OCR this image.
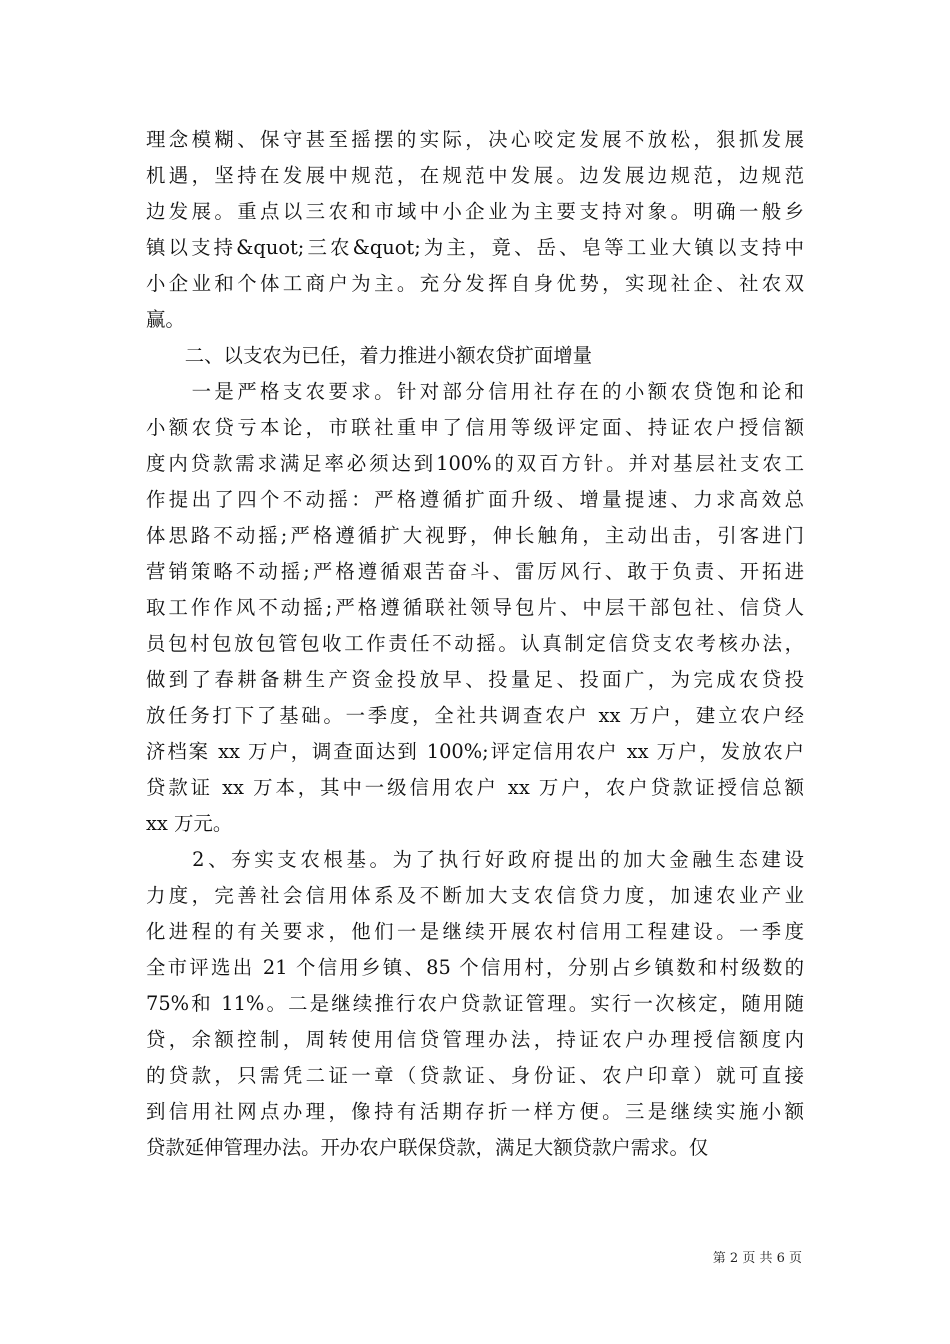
理念模糊、保守甚至摇摆的实际，决心咬定发展不放松，狠抓发展
机遇，坚持在发展中规范，在规范中发展。边发展边规范，边规范
边发展。重点以三农和市域中小企业为主要支持对象。明确一般乡
镇以支持&quot;三农&quot;为主，竟、岳、皂等工业大镇以支持中
小企业和个体工商户为主。充分发挥自身优势，实现社企、社农双
赢。
　　二、以支农为已任，着力推进小额农贷扩面增量
　　一是严格支农要求。针对部分信用社存在的小额农贷饱和论和
小额农贷亏本论，市联社重申了信用等级评定面、持证农户授信额
度内贷款需求满足率必须达到100%的双百方针。并对基层社支农工
作提出了四个不动摇：严格遵循扩面升级、增量提速、力求高效总
体思路不动摇;严格遵循扩大视野，伸长触角，主动出击，引客进门
营销策略不动摇;严格遵循艰苦奋斗、雷厉风行、敢于负责、开拓进
取工作作风不动摇;严格遵循联社领导包片、中层干部包社、信贷人
员包村包放包管包收工作责任不动摇。认真制定信贷支农考核办法，
做到了春耕备耕生产资金投放早、投量足、投面广，为完成农贷投
放任务打下了基础。一季度，全社共调查农户 xx 万户，建立农户经
济档案 xx 万户，调查面达到 100%;评定信用农户 xx 万户，发放农户
贷款证 xx 万本，其中一级信用农户 xx 万户，农户贷款证授信总额
xx 万元。
　　2、夯实支农根基。为了执行好政府提出的加大金融生态建设
力度，完善社会信用体系及不断加大支农信贷力度，加速农业产业
化进程的有关要求，他们一是继续开展农村信用工程建设。一季度
全市评选出 21 个信用乡镇、85 个信用村，分别占乡镇数和村级数的
75%和 11%。二是继续推行农户贷款证管理。实行一次核定，随用随
贷，余额控制，周转使用信贷管理办法，持证农户办理授信额度内
的贷款，只需凭二证一章（贷款证、身份证、农户印章）就可直接
到信用社网点办理，像持有活期存折一样方便。三是继续实施小额
贷款延伸管理办法。开办农户联保贷款，满足大额贷款户需求。仅
第 2 页 共 6 页
